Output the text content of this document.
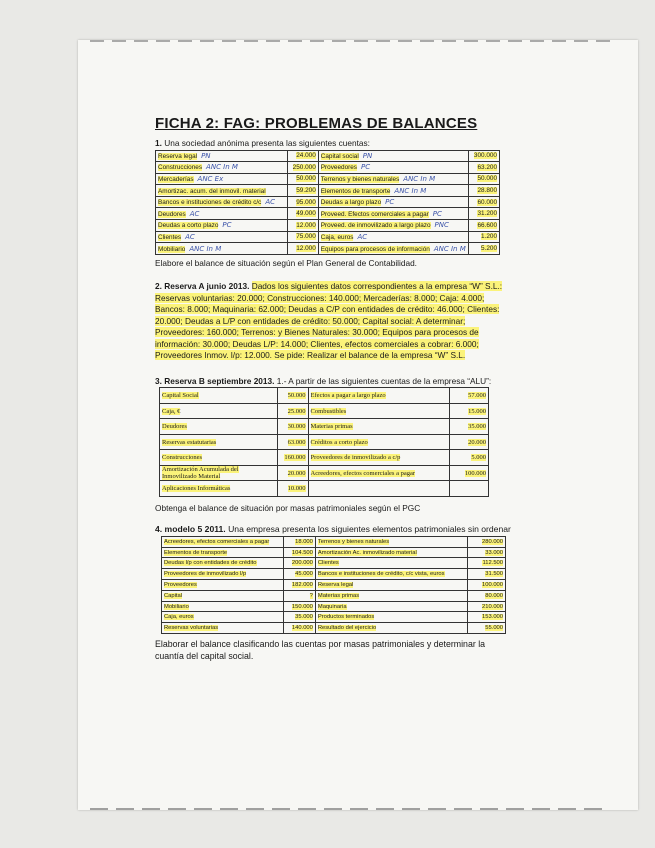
FICHA 2: FAG: PROBLEMAS DE BALANCES

1. Una sociedad anónima presenta las siguientes cuentas:

Reserva legal PN	24.000	Capital social PN	300.000
Construcciones ANC In M	250.000	Proveedores PC	63.200
Mercaderías ANC Ex	50.000	Terrenos y bienes naturales ANC In M	50.000
Amortizac. acum. del inmovil. material	59.200	Elementos de transporte ANC In M	28.800
Bancos e instituciones de crédito c/c AC	95.000	Deudas a largo plazo PC	60.000
Deudores AC	49.000	Proveed. Efectos comerciales a pagar PC	31.200
Deudas a corto plazo PC	12.000	Proveed. de inmovilizado a largo plazo PNC	66.600
Clientes AC	75.000	Caja, euros AC	1.200
Mobiliario ANC In M	12.000	Equipos para procesos de información ANC In M	5.200

Elabore el balance de situación según el Plan General de Contabilidad.

2. Reserva A junio 2013. Dados los siguientes datos correspondientes a la empresa “W” S.L.: Reservas voluntarias: 20.000; Construcciones: 140.000; Mercaderías: 8.000; Caja: 4.000; Bancos: 8.000; Maquinaria: 62.000; Deudas a C/P con entidades de crédito: 46.000; Clientes: 20.000; Deudas a L/P con entidades de crédito: 50.000; Capital social: A determinar; Proveedores: 160.000; Terrenos: y Bienes Naturales: 30.000; Equipos para procesos de información: 30.000; Deudas L/P: 14.000; Clientes, efectos comerciales a cobrar: 6.000; Proveedores Inmov. l/p: 12.000. Se pide: Realizar el balance de la empresa “W” S.L.

3. Reserva B septiembre 2013. 1.- A partir de las siguientes cuentas de la empresa “ALU”:

Capital Social	50.000	Efectos a pagar a largo plazo	57.000
Caja, €	25.000	Combustibles	15.000
Deudores	30.000	Materias primas	35.000
Reservas estatutarias	63.000	Créditos a corto plazo	20.000
Construcciones	160.000	Proveedores de inmovilizado a c/p	5.000
Amortización Acumulada del Inmovilizado Material	20.000	Acreedores, efectos comerciales a pagar	100.000
Aplicaciones Informáticas	10.000		

Obtenga el balance de situación por masas patrimoniales según el PGC

4. modelo 5 2011. Una empresa presenta los siguientes elementos patrimoniales sin ordenar

Acreedores, efectos comerciales a pagar	18.000	Terrenos y bienes naturales	280.000
Elementos de transporte	104.500	Amortización Ac. inmovilizado material	33.000
Deudas l/p con entidades de crédito	200.000	Clientes	112.500
Proveedores de inmovilizado l/p	45.000	Bancos e instituciones de crédito, c/c vista, euros	31.500
Proveedores	182.000	Reserva legal	100.000
Capital	?	Materias primas	80.000
Mobiliario	150.000	Maquinaria	210.000
Caja, euros	35.000	Productos terminados	153.000
Reservas voluntarias	140.000	Resultado del ejercicio	55.000

Elaborar el balance clasificando las cuentas por masas patrimoniales y determinar la cuantía del capital social.
